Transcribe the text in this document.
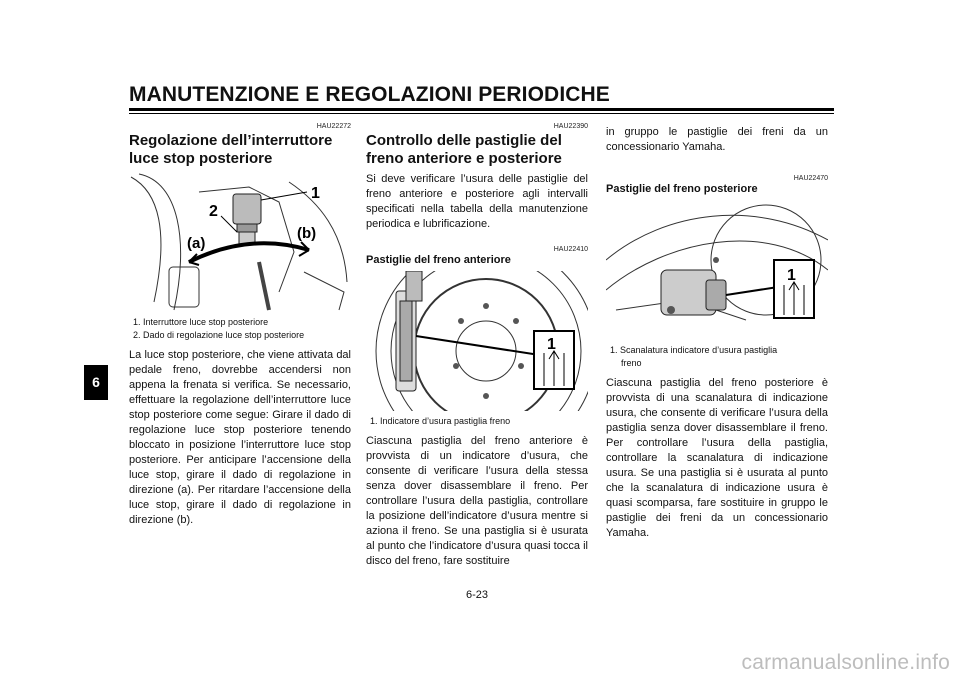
MANUTENZIONE E REGOLAZIONI PERIODICHE
6
HAU22272
Regolazione dell’interruttore luce stop posteriore
1
2
(a)
(b)
1. Interruttore luce stop posteriore
2. Dado di regolazione luce stop posteriore

La luce stop posteriore, che viene attivata dal pedale freno, dovrebbe accendersi non appena la frenata si verifica. Se necessario, effettuare la regolazione dell’interruttore luce stop posteriore come segue: Girare il dado di regolazione luce stop posteriore tenendo bloccato in posizione l’interruttore luce stop posteriore. Per anticipare l’accensione della luce stop, girare il dado di regolazione in direzione (a). Per ritardare l’accensione della luce stop, girare il dado di regolazione in direzione (b).

HAU22390
Controllo delle pastiglie del freno anteriore e posteriore

Si deve verificare l’usura delle pastiglie del freno anteriore e posteriore agli intervalli specificati nella tabella della manutenzione periodica e lubrificazione.

HAU22410
Pastiglie del freno anteriore
1
1. Indicatore d’usura pastiglia freno

Ciascuna pastiglia del freno anteriore è provvista di un indicatore d’usura, che consente di verificare l’usura della stessa senza dover disassemblare il freno. Per controllare l’usura della pastiglia, controllare la posizione dell’indicatore d’usura mentre si aziona il freno. Se una pastiglia si è usurata al punto che l’indicatore d’usura quasi tocca il disco del freno, fare sostituire

in gruppo le pastiglie dei freni da un concessionario Yamaha.

HAU22470
Pastiglie del freno posteriore
1
1. Scanalatura indicatore d’usura pastiglia
freno

Ciascuna pastiglia del freno posteriore è provvista di una scanalatura di indicazione usura, che consente di verificare l’usura della pastiglia senza dover disassemblare il freno. Per controllare l’usura della pastiglia, controllare la scanalatura di indicazione usura. Se una pastiglia si è usurata al punto che la scanalatura di indicazione usura è quasi scomparsa, fare sostituire in gruppo le pastiglie dei freni da un concessionario Yamaha.

6-23
carmanualsonline.info
